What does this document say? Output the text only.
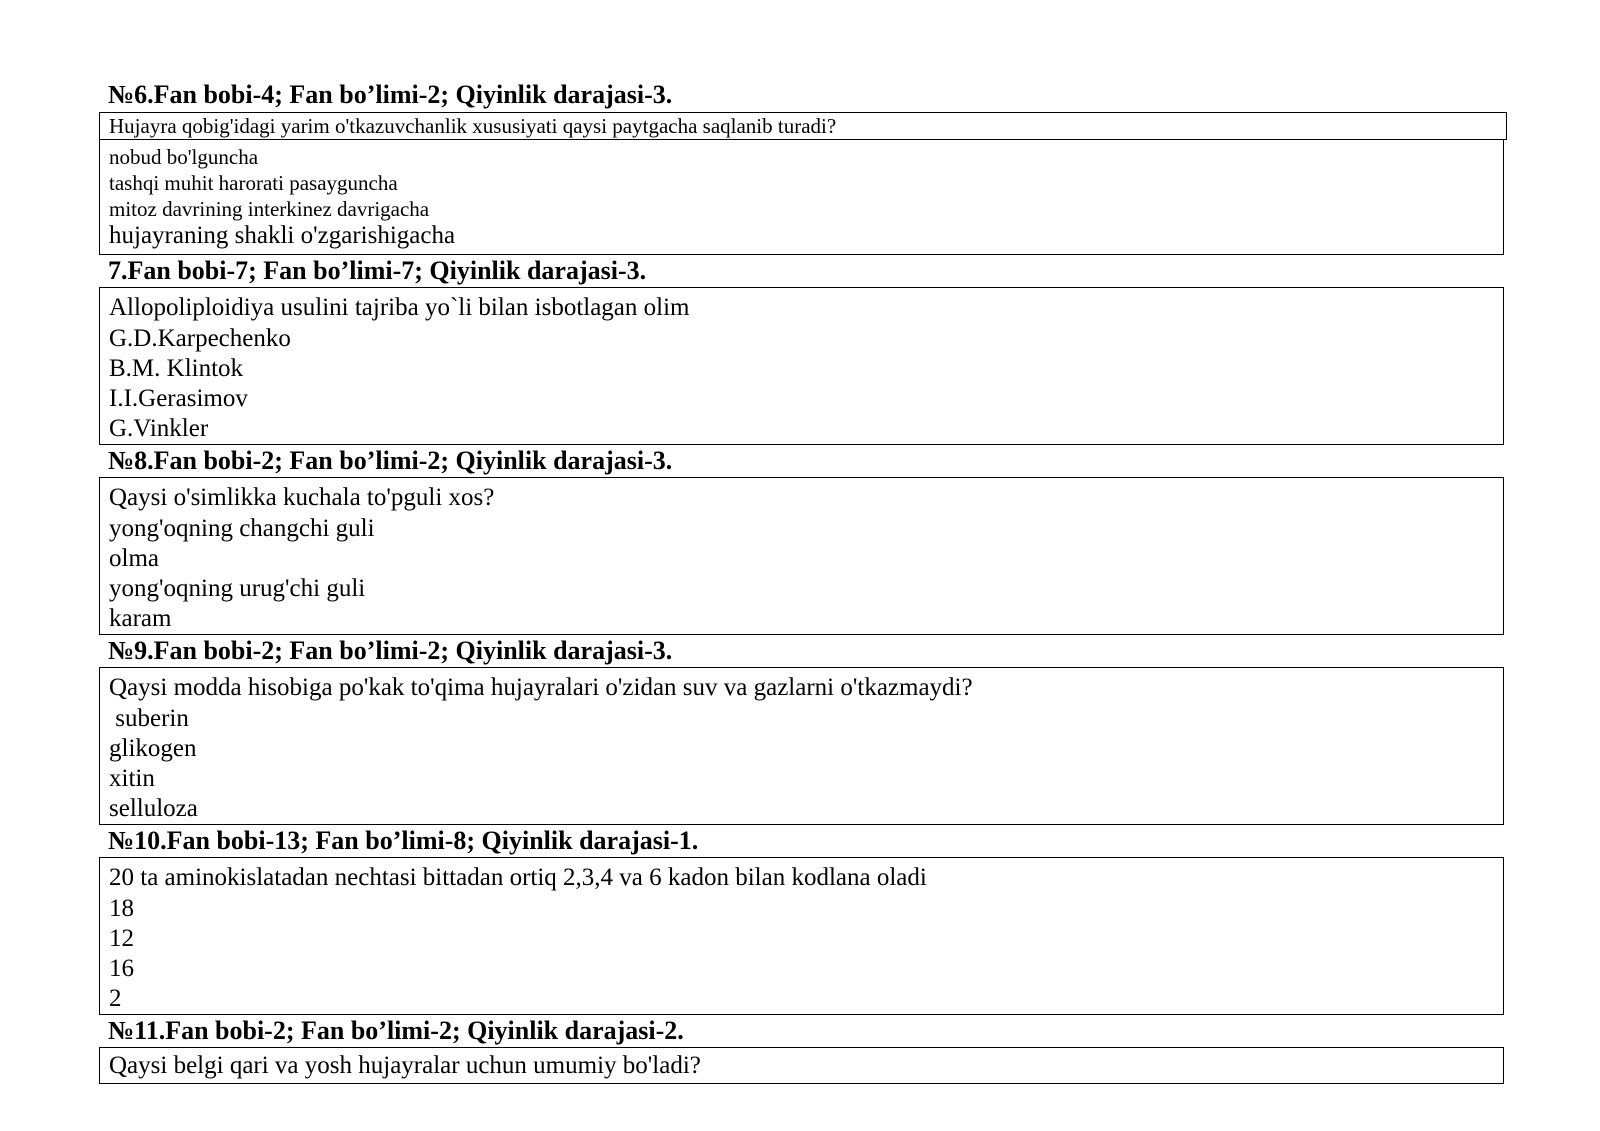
№6.Fan bobi-4; Fan bo’limi-2; Qiyinlik darajasi-3.
Hujayra qobig'idagi yarim o'tkazuvchanlik xususiyati qaysi paytgacha saqlanib turadi?
nobud bo'lguncha
tashqi muhit harorati pasayguncha
mitoz davrining interkinez davrigacha
hujayraning shakli o'zgarishigacha
7.Fan bobi-7; Fan bo’limi-7; Qiyinlik darajasi-3.
Allopoliploidiya usulini tajriba yo`li bilan isbotlagan olim
G.D.Karpechenko
B.M. Klintok
I.I.Gerasimov
G.Vinkler
№8.Fan bobi-2; Fan bo’limi-2; Qiyinlik darajasi-3.
Qaysi o'simlikka kuchala to'pguli xos?
yong'oqning changchi guli
olma
yong'oqning urug'chi guli
karam
№9.Fan bobi-2; Fan bo’limi-2; Qiyinlik darajasi-3.
Qaysi modda hisobiga po'kak to'qima hujayralari o'zidan suv va gazlarni o'tkazmaydi?
suberin
glikogen
xitin
selluloza
№10.Fan bobi-13; Fan bo’limi-8; Qiyinlik darajasi-1.
20 ta aminokislatadan nechtasi bittadan ortiq 2,3,4 va 6 kadon bilan kodlana oladi
18
12
16
2
№11.Fan bobi-2; Fan bo’limi-2; Qiyinlik darajasi-2.
Qaysi belgi qari va yosh hujayralar uchun umumiy bo'ladi?
